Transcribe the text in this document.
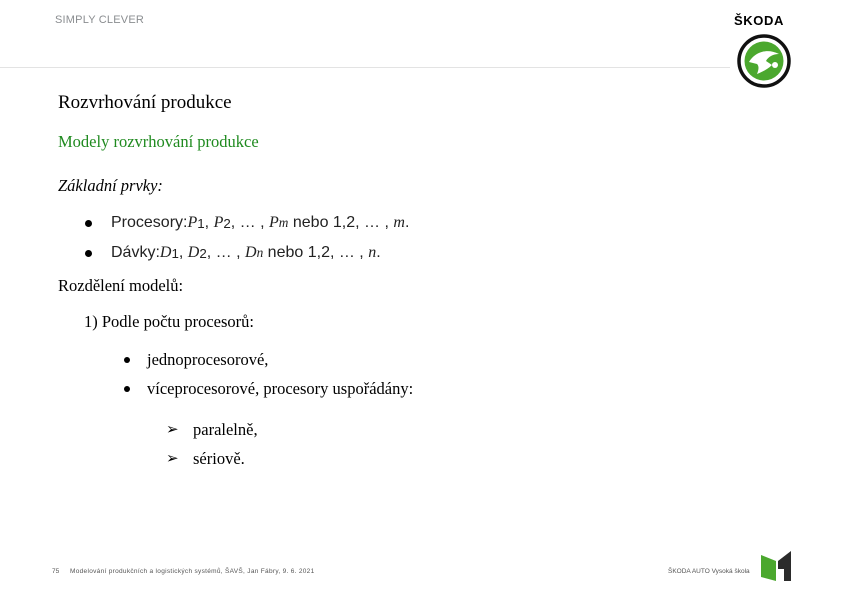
SIMPLY CLEVER	ŠKODA
Rozvrhování produkce
Modely rozvrhování produkce
Základní prvky:
Procesory: P 1 , P 2 , … , P m nebo 1,2, … , m .
Dávky: D 1 , D 2 , … , D n nebo 1,2, … , n .
Rozdělení modelů:
1) Podle počtu procesorů:
jednoprocesorové,
víceprocesorové, procesory uspořádány:
➢ paralelně,
➢ sériově.
75 Modelování produkčních a logistických systémů, ŠAVŠ, Jan Fábry, 9. 6. 2021	ŠKODA AUTO Vysoká škola
